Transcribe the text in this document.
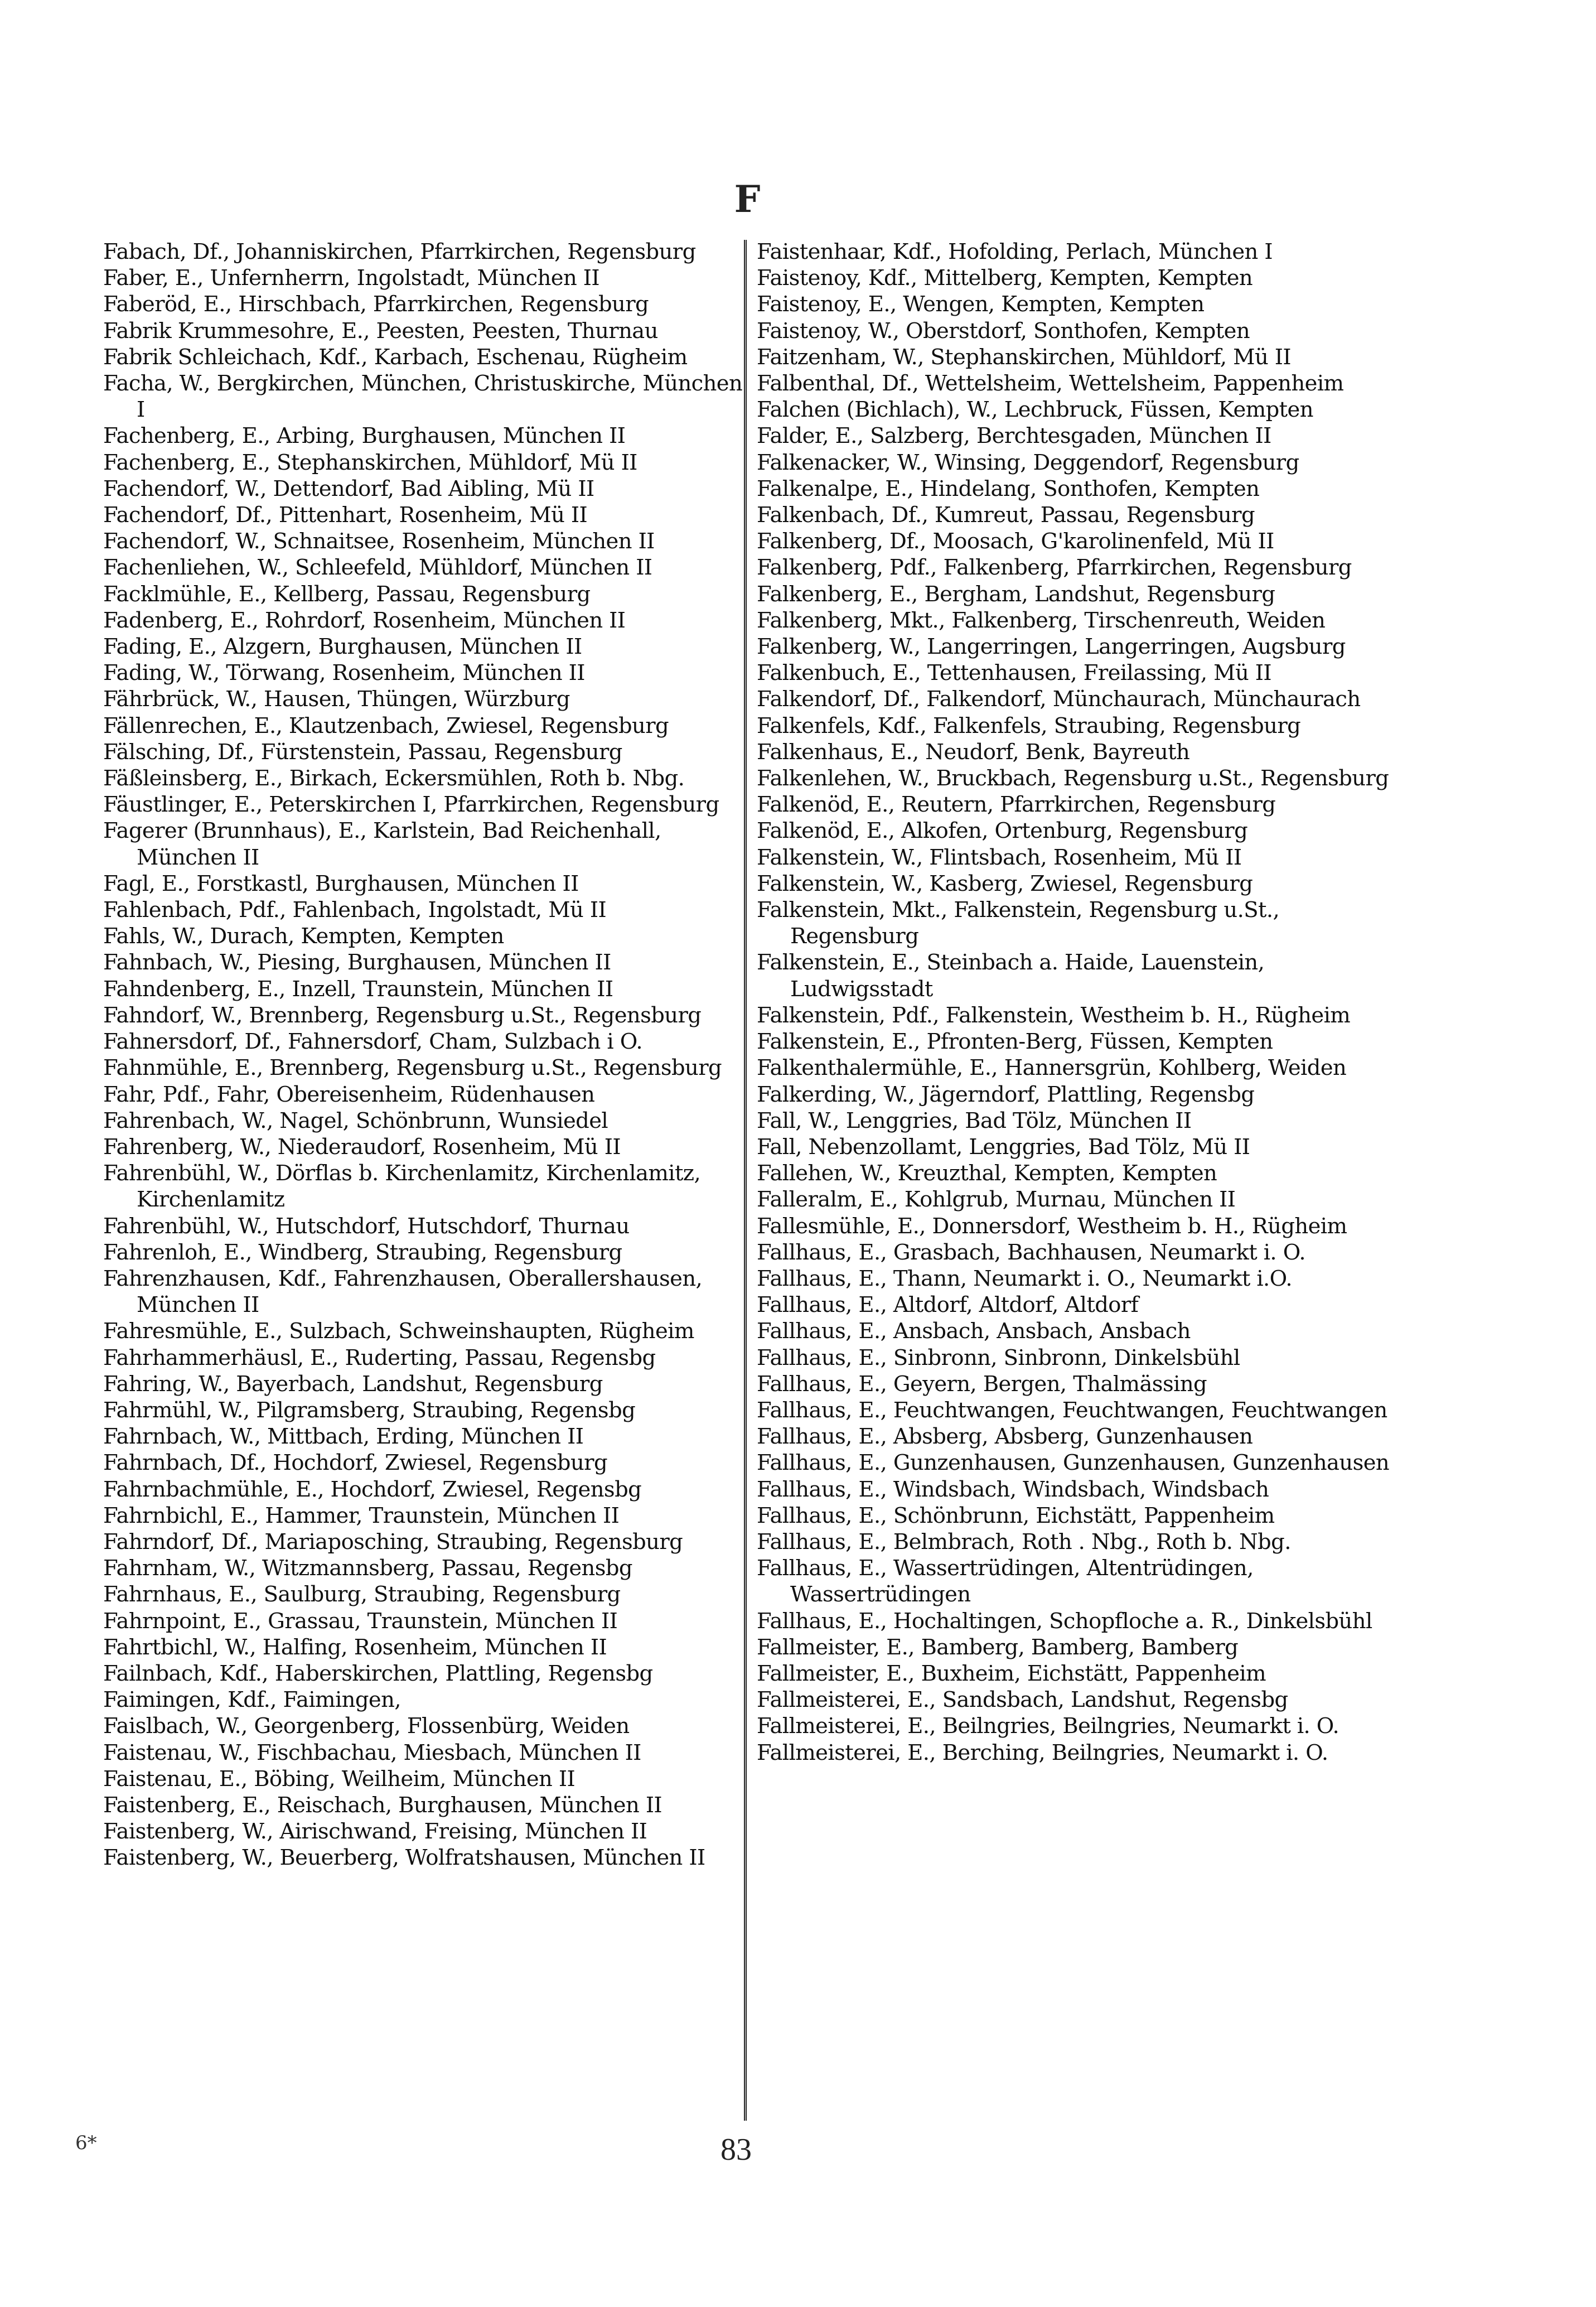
F

Fabach, Df., Johanniskirchen, Pfarrkirchen, Regensburg

Faber, E., Unfernherrn, Ingolstadt, München II

Faberöd, E., Hirschbach, Pfarrkirchen, Regensburg

Fabrik Krummesohre, E., Peesten, Peesten, Thurnau

Fabrik Schleichach, Kdf., Karbach, Eschenau, Rügheim

Facha, W., Bergkirchen, München, Christuskirche, München I

Fachenberg, E., Arbing, Burghausen, München II

Fachenberg, E., Stephanskirchen, Mühldorf, Mü II

Fachendorf, W., Dettendorf, Bad Aibling, Mü II

Fachendorf, Df., Pittenhart, Rosenheim, Mü II

Fachendorf, W., Schnaitsee, Rosenheim, München II

Fachenliehen, W., Schleefeld, Mühldorf, München II

Facklmühle, E., Kellberg, Passau, Regensburg

Fadenberg, E., Rohrdorf, Rosenheim, München II

Fading, E., Alzgern, Burghausen, München II

Fading, W., Törwang, Rosenheim, München II

Fährbrück, W., Hausen, Thüngen, Würzburg

Fällenrechen, E., Klautzenbach, Zwiesel, Regensburg

Fälsching, Df., Fürstenstein, Passau, Regensburg

Fäßleinsberg, E., Birkach, Eckersmühlen, Roth b. Nbg.

Fäustlinger, E., Peterskirchen I, Pfarrkirchen, Regensburg

Fagerer (Brunnhaus), E., Karlstein, Bad Reichenhall, München II

Fagl, E., Forstkastl, Burghausen, München II

Fahlenbach, Pdf., Fahlenbach, Ingolstadt, Mü II

Fahls, W., Durach, Kempten, Kempten

Fahnbach, W., Piesing, Burghausen, München II

Fahndenberg, E., Inzell, Traunstein, München II

Fahndorf, W., Brennberg, Regensburg u.St., Regensburg

Fahnersdorf, Df., Fahnersdorf, Cham, Sulzbach i O.

Fahnmühle, E., Brennberg, Regensburg u.St., Regensburg

Fahr, Pdf., Fahr, Obereisenheim, Rüdenhausen

Fahrenbach, W., Nagel, Schönbrunn, Wunsiedel

Fahrenberg, W., Niederaudorf, Rosenheim, Mü II

Fahrenbühl, W., Dörflas b. Kirchenlamitz, Kirchenlamitz, Kirchenlamitz

Fahrenbühl, W., Hutschdorf, Hutschdorf, Thurnau

Fahrenloh, E., Windberg, Straubing, Regensburg

Fahrenzhausen, Kdf., Fahrenzhausen, Oberallershausen, München II

Fahresmühle, E., Sulzbach, Schweinshaupten, Rügheim

Fahrhammerhäusl, E., Ruderting, Passau, Regensbg

Fahring, W., Bayerbach, Landshut, Regensburg

Fahrmühl, W., Pilgramsberg, Straubing, Regensbg

Fahrnbach, W., Mittbach, Erding, München II

Fahrnbach, Df., Hochdorf, Zwiesel, Regensburg

Fahrnbachmühle, E., Hochdorf, Zwiesel, Regensbg

Fahrnbichl, E., Hammer, Traunstein, München II

Fahrndorf, Df., Mariaposching, Straubing, Regensburg

Fahrnham, W., Witzmannsberg, Passau, Regensbg

Fahrnhaus, E., Saulburg, Straubing, Regensburg

Fahrnpoint, E., Grassau, Traunstein, München II

Fahrtbichl, W., Halfing, Rosenheim, München II

Failnbach, Kdf., Haberskirchen, Plattling, Regensbg

Faimingen, Kdf., Faimingen,

Faislbach, W., Georgenberg, Flossenbürg, Weiden

Faistenau, W., Fischbachau, Miesbach, München II

Faistenau, E., Böbing, Weilheim, München II

Faistenberg, E., Reischach, Burghausen, München II

Faistenberg, W., Airischwand, Freising, München II

Faistenberg, W., Beuerberg, Wolfratshausen, München II

Faistenhaar, Kdf., Hofolding, Perlach, München I

Faistenoy, Kdf., Mittelberg, Kempten, Kempten

Faistenoy, E., Wengen, Kempten, Kempten

Faistenoy, W., Oberstdorf, Sonthofen, Kempten

Faitzenham, W., Stephanskirchen, Mühldorf, Mü II

Falbenthal, Df., Wettelsheim, Wettelsheim, Pappenheim

Falchen (Bichlach), W., Lechbruck, Füssen, Kempten

Falder, E., Salzberg, Berchtesgaden, München II

Falkenacker, W., Winsing, Deggendorf, Regensburg

Falkenalpe, E., Hindelang, Sonthofen, Kempten

Falkenbach, Df., Kumreut, Passau, Regensburg

Falkenberg, Df., Moosach, G'karolinenfeld, Mü II

Falkenberg, Pdf., Falkenberg, Pfarrkirchen, Regensburg

Falkenberg, E., Bergham, Landshut, Regensburg

Falkenberg, Mkt., Falkenberg, Tirschenreuth, Weiden

Falkenberg, W., Langerringen, Langerringen, Augsburg

Falkenbuch, E., Tettenhausen, Freilassing, Mü II

Falkendorf, Df., Falkendorf, Münchaurach, Münchaurach

Falkenfels, Kdf., Falkenfels, Straubing, Regensburg

Falkenhaus, E., Neudorf, Benk, Bayreuth

Falkenlehen, W., Bruckbach, Regensburg u.St., Regensburg

Falkenöd, E., Reutern, Pfarrkirchen, Regensburg

Falkenöd, E., Alkofen, Ortenburg, Regensburg

Falkenstein, W., Flintsbach, Rosenheim, Mü II

Falkenstein, W., Kasberg, Zwiesel, Regensburg

Falkenstein, Mkt., Falkenstein, Regensburg u.St., Regensburg

Falkenstein, E., Steinbach a. Haide, Lauenstein, Ludwigsstadt

Falkenstein, Pdf., Falkenstein, Westheim b. H., Rügheim

Falkenstein, E., Pfronten-Berg, Füssen, Kempten

Falkenthalermühle, E., Hannersgrün, Kohlberg, Weiden

Falkerding, W., Jägerndorf, Plattling, Regensbg

Fall, W., Lenggries, Bad Tölz, München II

Fall, Nebenzollamt, Lenggries, Bad Tölz, Mü II

Fallehen, W., Kreuzthal, Kempten, Kempten

Falleralm, E., Kohlgrub, Murnau, München II

Fallesmühle, E., Donnersdorf, Westheim b. H., Rügheim

Fallhaus, E., Grasbach, Bachhausen, Neumarkt i. O.

Fallhaus, E., Thann, Neumarkt i. O., Neumarkt i.O.

Fallhaus, E., Altdorf, Altdorf, Altdorf

Fallhaus, E., Ansbach, Ansbach, Ansbach

Fallhaus, E., Sinbronn, Sinbronn, Dinkelsbühl

Fallhaus, E., Geyern, Bergen, Thalmässing

Fallhaus, E., Feuchtwangen, Feuchtwangen, Feuchtwangen

Fallhaus, E., Absberg, Absberg, Gunzenhausen

Fallhaus, E., Gunzenhausen, Gunzenhausen, Gunzenhausen

Fallhaus, E., Windsbach, Windsbach, Windsbach

Fallhaus, E., Schönbrunn, Eichstätt, Pappenheim

Fallhaus, E., Belmbrach, Roth . Nbg., Roth b. Nbg.

Fallhaus, E., Wassertrüdingen, Altentrüdingen, Wassertrüdingen

Fallhaus, E., Hochaltingen, Schopfloche a. R., Dinkelsbühl

Fallmeister, E., Bamberg, Bamberg, Bamberg

Fallmeister, E., Buxheim, Eichstätt, Pappenheim

Fallmeisterei, E., Sandsbach, Landshut, Regensbg

Fallmeisterei, E., Beilngries, Beilngries, Neumarkt i. O.

Fallmeisterei, E., Berching, Beilngries, Neumarkt i. O.

6*	83
